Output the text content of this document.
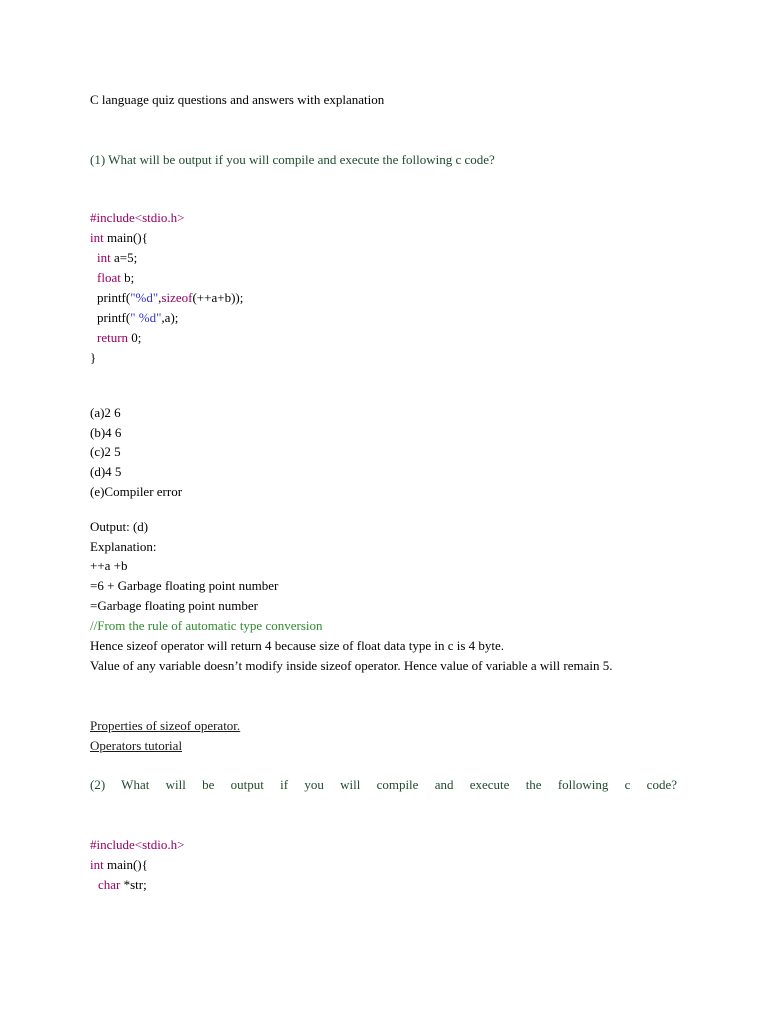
C language quiz questions and answers with explanation
(1) What will be output if you will compile and execute the following c code?
#include<stdio.h>
int main(){
int a=5;
float b;
printf("%d",sizeof(++a+b));
printf(" %d",a);
return 0;
}
(a)2 6
(b)4 6
(c)2 5
(d)4 5
(e)Compiler error
Output: (d)
Explanation:
++a +b
=6 + Garbage floating point number
=Garbage floating point number
//From the rule of automatic type conversion
Hence sizeof operator will return 4 because size of float data type in c is 4 byte.
Value of any variable doesn’t modify inside sizeof operator. Hence value of variable a will remain 5.
Properties of sizeof operator.
Operators tutorial
(2) What will be output if you will compile and execute the following c code?
#include<stdio.h>
int main(){
char *str;
